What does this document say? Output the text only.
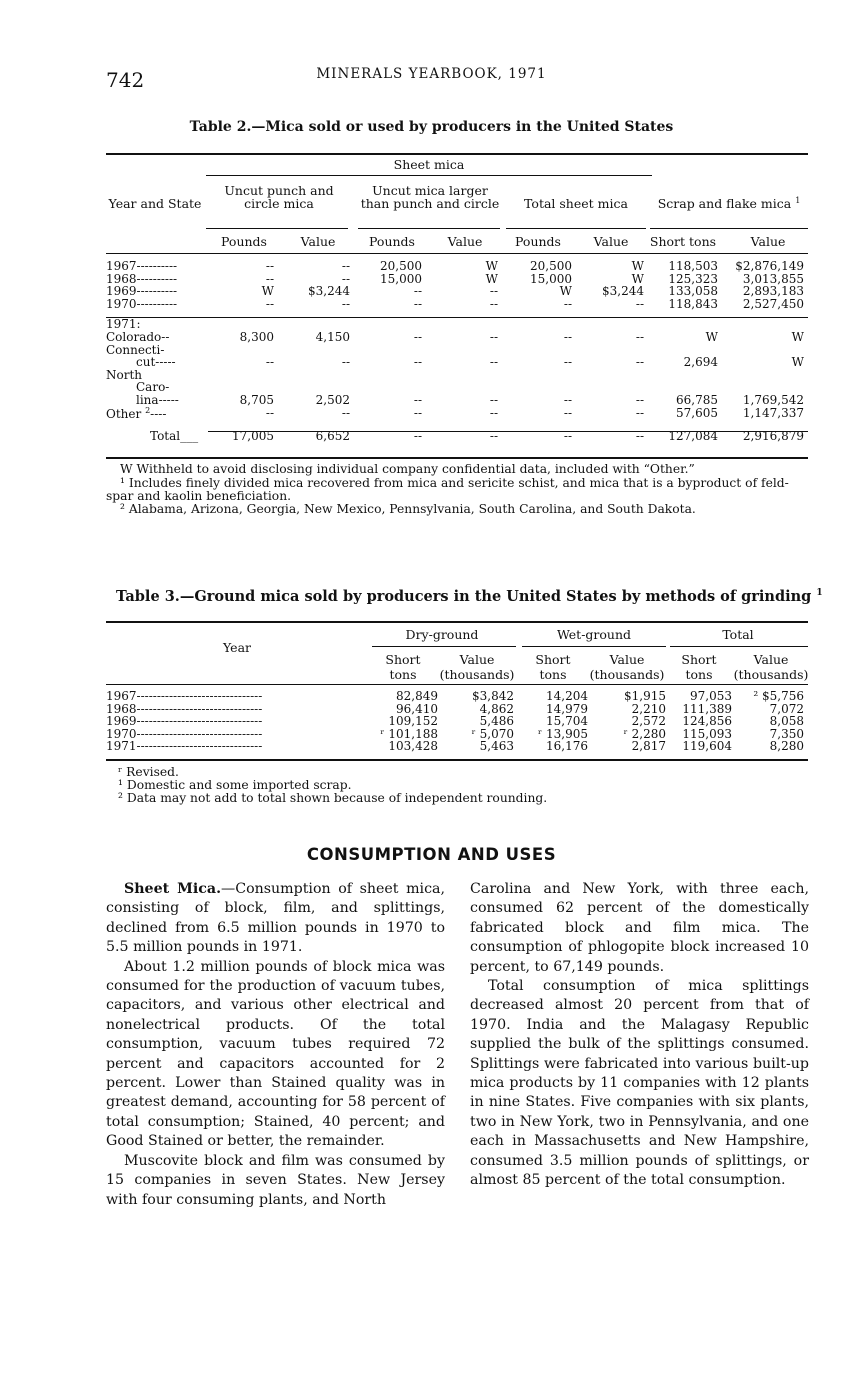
742	MINERALS YEARBOOK, 1971
Table 2.—Mica sold or used by producers in the United States
Sheet mica
Year and State
Uncut punch and circle mica
Uncut mica larger than punch and circle	Total sheet mica	Scrap and flake mica $^1$
Pounds	Value	Pounds	Value	Pounds	Value	Short tons	Value
1967----------	--	--	20,500	W	20,500	W	118,503	$2,876,149
1968----------	--	--	15,000	W	15,000	W	125,323	3,013,855
1969----------	W	$3,244	--	--	W	$3,244	133,058	2,893,183
1970----------	--	--	--	--	--	--	118,843	2,527,450

1971:								
Colorado--	8,300	4,150	--	--	--	--	W	W
Connecti-
cut-----	--	--	--	--	--	--	2,694	W
North
Caro-
lina-----	8,705	2,502	--	--	--	--	66,785	1,769,542
Other $^2$----	--	--	--	--	--	--	57,605	1,147,337

Total___	17,005	6,652	--	--	--	--	127,084	2,916,879
W Withheld to avoid disclosing individual company confidential data, included with “Other.”
¹ Includes finely divided mica recovered from mica and sericite schist, and mica that is a byproduct of feld-
spar and kaolin beneficiation.
² Alabama, Arizona, Georgia, New Mexico, Pennsylvania, South Carolina, and South Dakota.
Table 3.—Ground mica sold by producers in the United States by methods of grinding $^1$
Year
Dry-ground	Wet-ground	Total
Short
tons
Value
(thousands)
Short
tons
Value
(thousands)
Short
tons
Value
(thousands)
1967-------------------------------	82,849	$3,842	14,204	$1,915	97,053	² $5,756
1968-------------------------------	96,410	4,862	14,979	2,210	111,389	7,072
1969-------------------------------	109,152	5,486	15,704	2,572	124,856	8,058
1970-------------------------------	ʳ 101,188	ʳ 5,070	ʳ 13,905	ʳ 2,280	115,093	7,350
1971-------------------------------	103,428	5,463	16,176	2,817	119,604	8,280
ʳ Revised.
¹ Domestic and some imported scrap.
² Data may not add to total shown because of independent rounding.
CONSUMPTION AND USES

Sheet Mica.—Consumption of sheet mica, consisting of block, film, and splittings, declined from 6.5 million pounds in 1970 to 5.5 million pounds in 1971.

About 1.2 million pounds of block mica was consumed for the production of vacuum tubes, capacitors, and various other electrical and nonelectrical products. Of the total consumption, vacuum tubes required 72 percent and capacitors accounted for 2 percent. Lower than Stained quality was in greatest demand, accounting for 58 percent of total consumption; Stained, 40 percent; and Good Stained or better, the remainder.

Muscovite block and film was consumed by 15 companies in seven States. New Jersey with four consuming plants, and North

Carolina and New York, with three each, consumed 62 percent of the domestically fabricated block and film mica. The consumption of phlogopite block increased 10 percent, to 67,149 pounds.

Total consumption of mica splittings decreased almost 20 percent from that of 1970. India and the Malagasy Republic supplied the bulk of the splittings consumed. Splittings were fabricated into various built-up mica products by 11 companies with 12 plants in nine States. Five companies with six plants, two in New York, two in Pennsylvania, and one each in Massachusetts and New Hampshire, consumed 3.5 million pounds of splittings, or almost 85 percent of the total consumption.
